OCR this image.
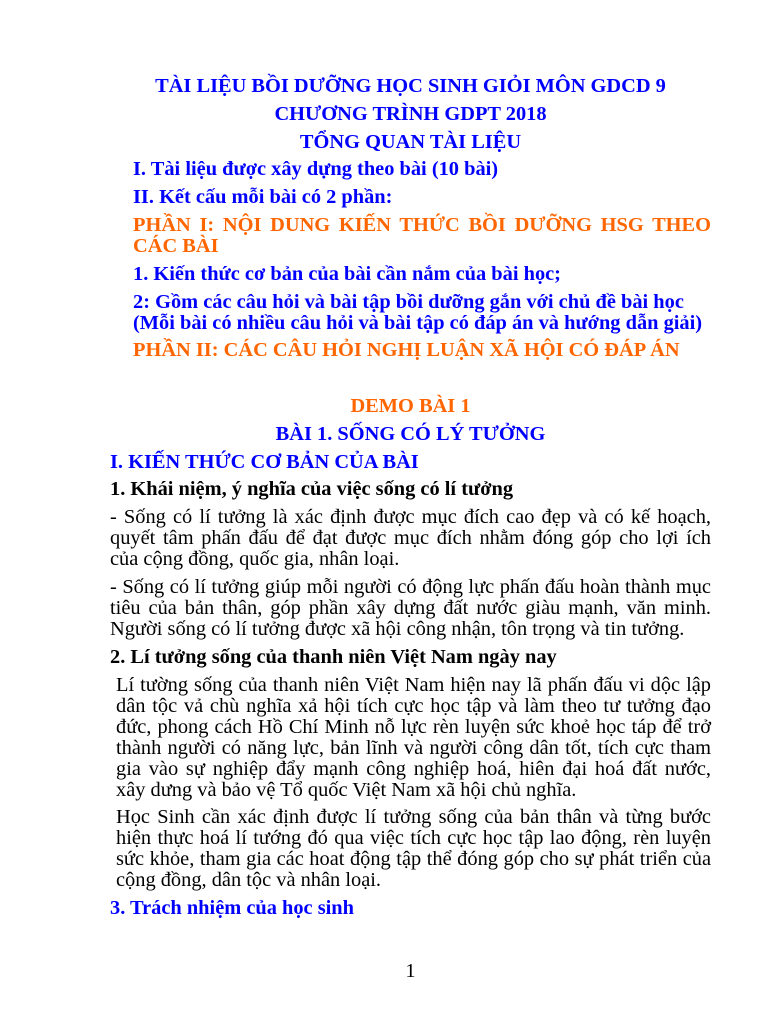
TÀI LIỆU BỒI DƯỠNG HỌC SINH GIỎI MÔN GDCD 9
CHƯƠNG TRÌNH GDPT 2018
TỔNG QUAN TÀI LIỆU
I. Tài liệu được xây dựng theo bài (10 bài)
II. Kết cấu mỗi bài có 2 phần:
PHẦN I: NỘI DUNG KIẾN THỨC BỒI DƯỠNG HSG THEO
CÁC BÀI
1. Kiến thức cơ bản của bài cần nắm của bài học;
2: Gồm các câu hỏi và bài tập bồi dưỡng gắn với chủ đề bài học
(Mỗi bài có nhiều câu hỏi và bài tập có đáp án và hướng dẫn giải)
PHẦN II: CÁC CÂU HỎI NGHỊ LUẬN XÃ HỘI CÓ ĐÁP ÁN
DEMO BÀI 1
BÀI 1. SỐNG CÓ LÝ TƯỞNG
I. KIẾN THỨC CƠ BẢN CỦA BÀI
1. Khái niệm, ý nghĩa của việc sống có lí tưởng
- Sống có lí tưởng là xác định được mục đích cao đẹp và có kế hoạch,
quyết tâm phấn đấu để đạt được mục đích nhằm đóng góp cho lợi ích
của cộng đồng, quốc gia, nhân loại.
- Sống có lí tưởng giúp mỗi người có động lực phấn đấu hoàn thành mục
tiêu của bản thân, góp phần xây dựng đất nước giàu mạnh, văn minh.
Người sống có lí tưởng được xã hội công nhận, tôn trọng và tin tưởng.
2. Lí tưởng sống của thanh niên Việt Nam ngày nay
Lí tường sống của thanh niên Việt Nam hiện nay lã phấn đấu vi dộc lập
dân tộc vả chù nghĩa xả hội tích cực học tập và làm theo tư tưởng đạo
đức, phong cách Hồ Chí Minh nỗ lực rèn luyện sức khoẻ học táp để trở
thành người có năng lực, bản lĩnh và người công dân tốt, tích cực tham
gia vào sự nghiệp đẩy mạnh công nghiệp hoá, hiên đại hoá đất nước,
xây dưng và bảo vệ Tổ quốc Việt Nam xã hội chủ nghĩa.
Học Sinh cần xác định được lí tưởng sống của bản thân và từng bước
hiện thực hoá lí tướng đó qua việc tích cực học tập lao động, rèn luyện
sức khỏe, tham gia các hoat động tập thể đóng góp cho sự phát triển của
cộng đồng, dân tộc và nhân loại.
3. Trách nhiệm của học sinh
1
